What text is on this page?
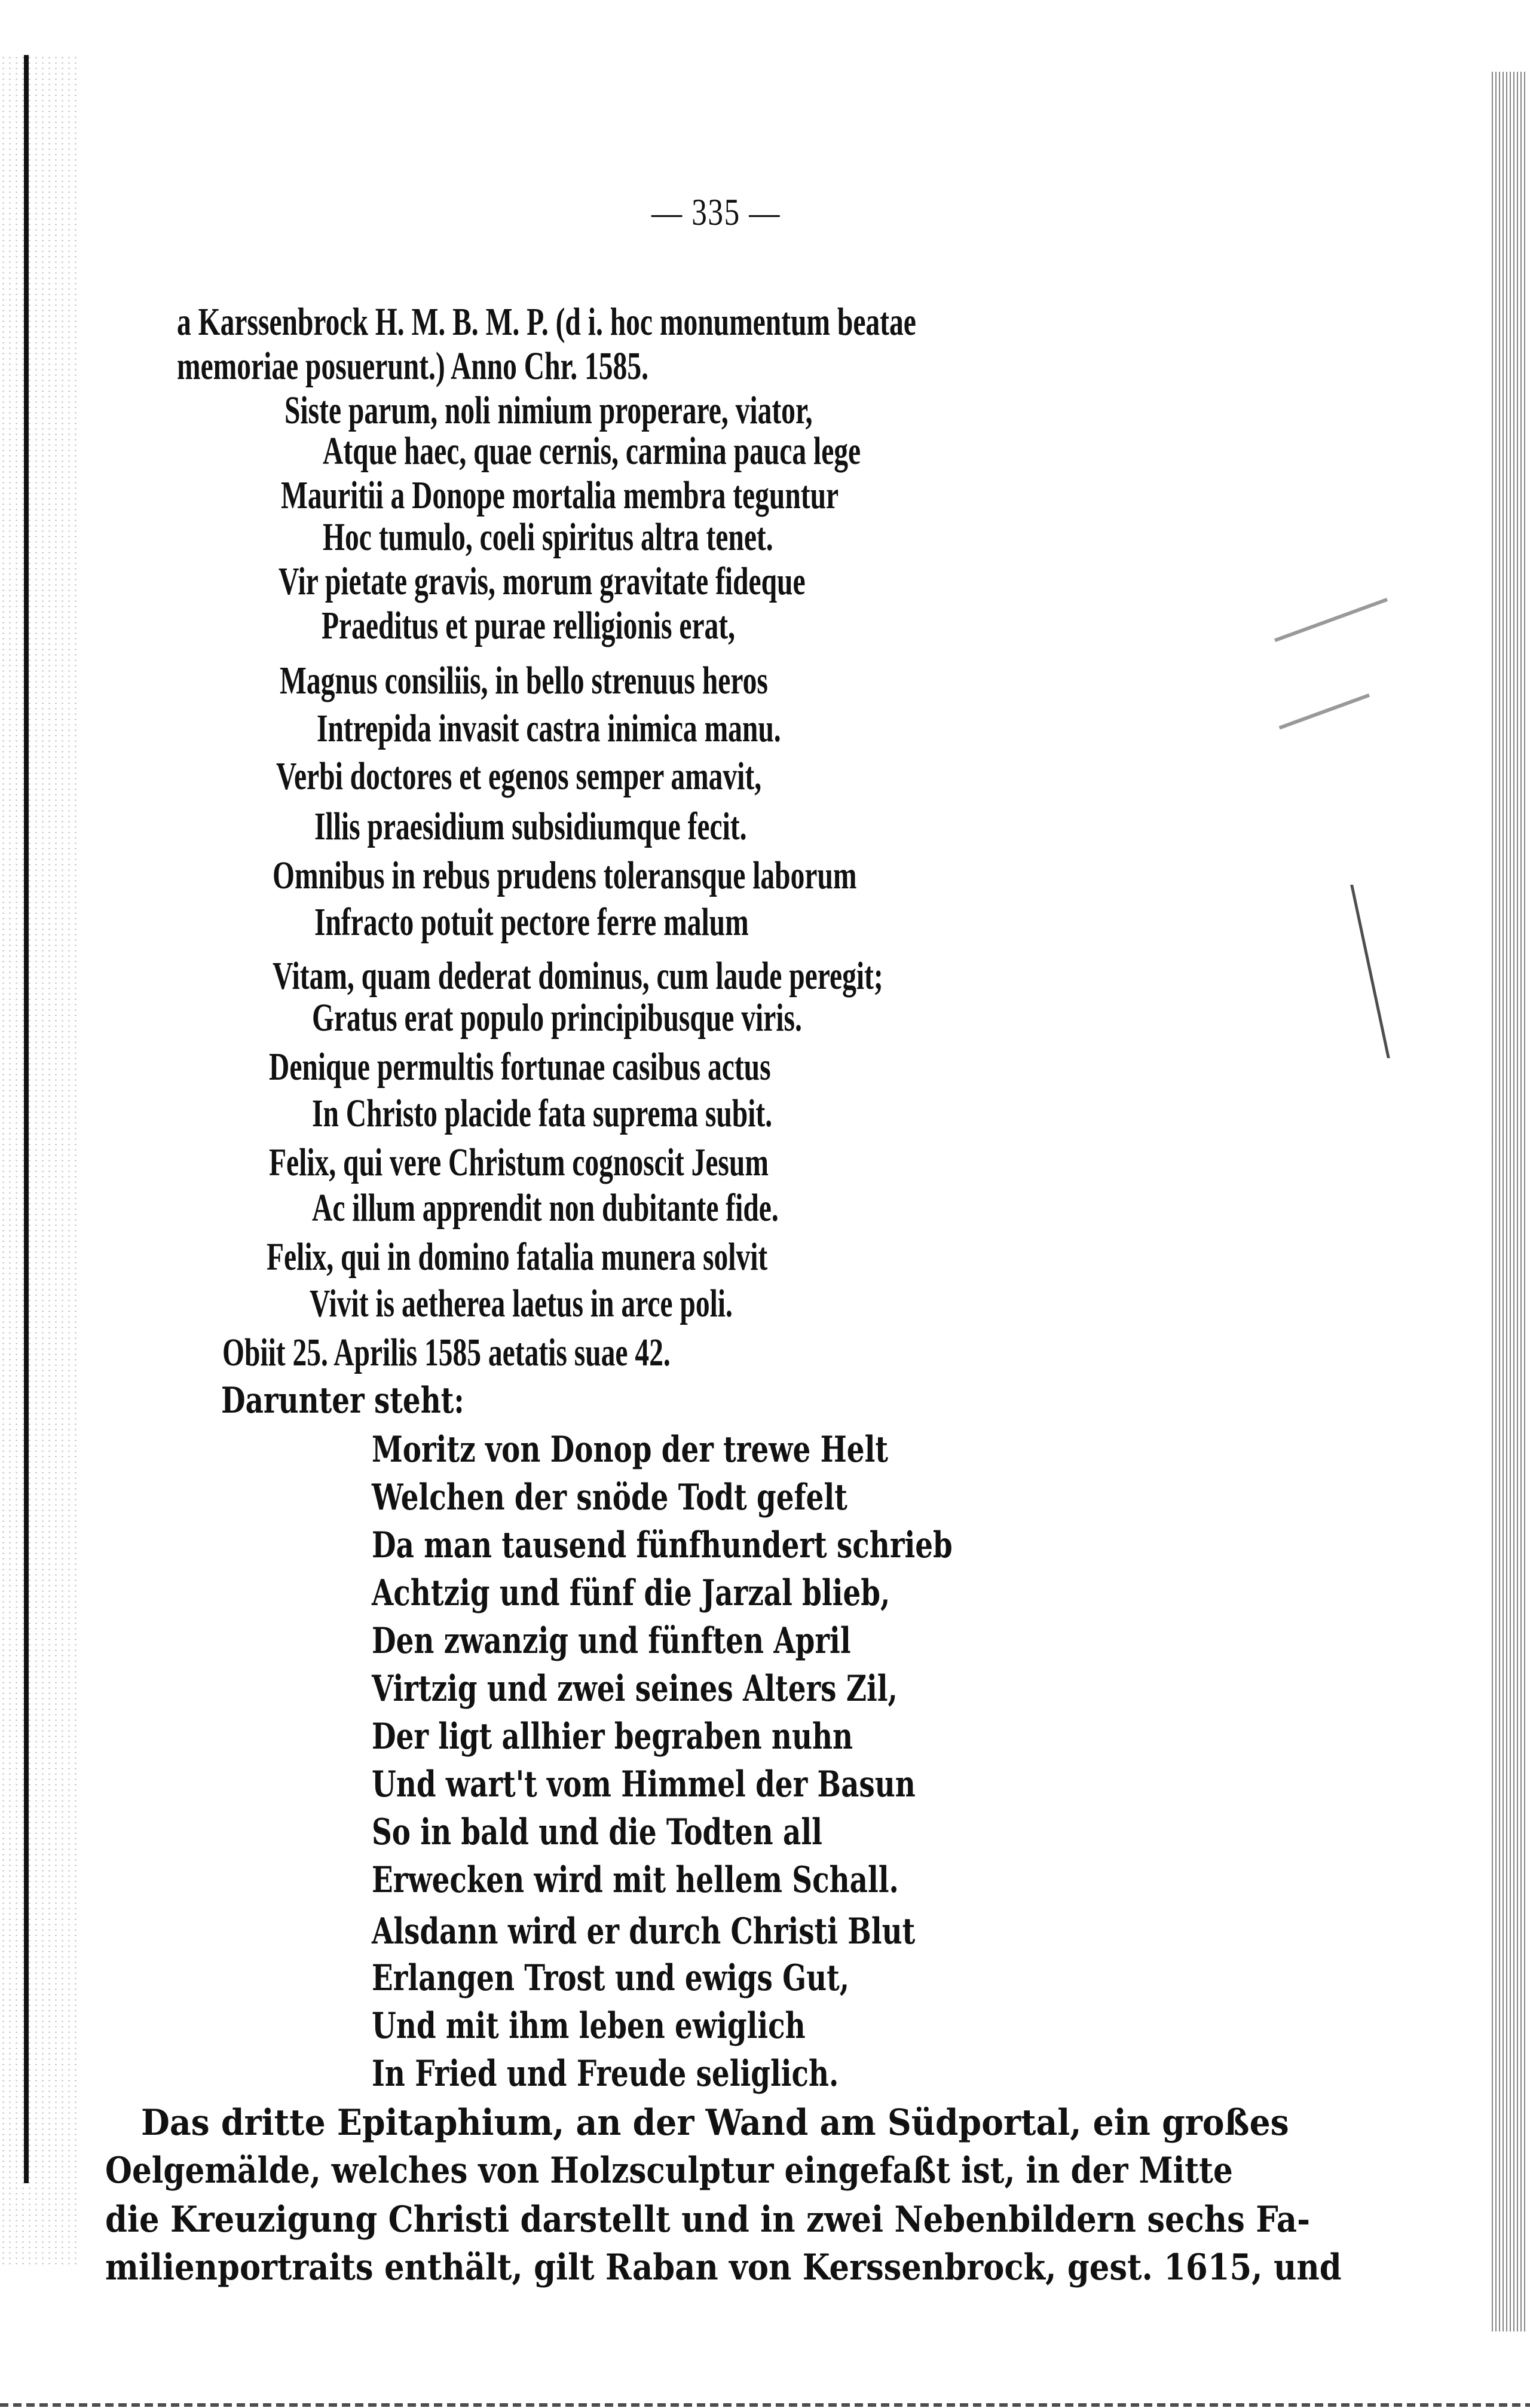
— 335 —
a Karssenbrock H. M. B. M. P. (d i. hoc monumentum beatae
memoriae posuerunt.) Anno Chr. 1585.
Siste parum, noli nimium properare, viator,
Atque haec, quae cernis, carmina pauca lege
Mauritii a Donope mortalia membra teguntur
Hoc tumulo, coeli spiritus altra tenet.
Vir pietate gravis, morum gravitate fideque
Praeditus et purae relligionis erat,
Magnus consiliis, in bello strenuus heros
Intrepida invasit castra inimica manu.
Verbi doctores et egenos semper amavit,
Illis praesidium subsidiumque fecit.
Omnibus in rebus prudens toleransque laborum
Infracto potuit pectore ferre malum
Vitam, quam dederat dominus, cum laude peregit;
Gratus erat populo principibusque viris.
Denique permultis fortunae casibus actus
In Christo placide fata suprema subit.
Felix, qui vere Christum cognoscit Jesum
Ac illum apprendit non dubitante fide.
Felix, qui in domino fatalia munera solvit
Vivit is aetherea laetus in arce poli.
Obiit 25. Aprilis 1585 aetatis suae 42.
Darunter steht:
Moritz von Donop der trewe Helt
Welchen der snöde Todt gefelt
Da man tausend fünfhundert schrieb
Achtzig und fünf die Jarzal blieb,
Den zwanzig und fünften April
Virtzig und zwei seines Alters Zil,
Der ligt allhier begraben nuhn
Und wart't vom Himmel der Basun
So in bald und die Todten all
Erwecken wird mit hellem Schall.
Alsdann wird er durch Christi Blut
Erlangen Trost und ewigs Gut,
Und mit ihm leben ewiglich
In Fried und Freude seliglich.
Das dritte Epitaphium, an der Wand am Südportal, ein großes
Oelgemälde, welches von Holzsculptur eingefaßt ist, in der Mitte
die Kreuzigung Christi darstellt und in zwei Nebenbildern sechs Fa-
milienportraits enthält, gilt Raban von Kerssenbrock, gest. 1615, und
